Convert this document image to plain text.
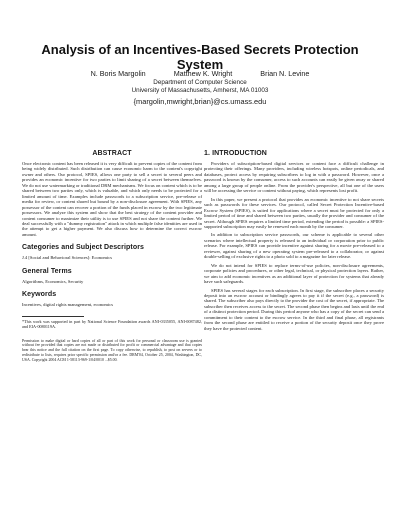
Analysis of an Incentives-Based Secrets Protection System
N. Boris Margolin	Matthew K. Wright	Brian N. Levine
Department of Computer Science
University of Massachusetts, Amherst, MA 01003
{margolin,mwright,brian}@cs.umass.edu
ABSTRACT

Once electronic content has been released it is very difficult to prevent copies of the content from being widely distributed. Such distribution can cause economic harm to the content's copyright owner and others. Our protocol, SPIES, allows one party to sell a secret to several peers and provides an economic incentive for two parties to limit sharing of a secret between themselves. We do not use watermarking or traditional DRM mechanisms. We focus on content which is to be shared between two parties only, which is valuable, and which only needs to be protected for a limited amount of time. Examples include passwords to a subscription service, pre-release of media for review, or content shared but bound by a non-disclosure agreement. With SPIES, any possessor of the content can recover a portion of the funds placed in escrow by the two legitimate possessors. We analyze this system and show that the best strategy of the content provider and content consumer to maximize their utility is to use SPIES and not share the content further. We deal successfully with a "dummy registration" attack in which multiple false identities are used in the attempt to get a higher payment. We also discuss how to determine the correct escrow amount.

Categories and Subject Descriptors

J.4 [Social and Behavioral Sciences]: Economics

General Terms

Algorithms, Economics, Security

Keywords

Incentives, digital rights management, economics

*This work was supported in part by National Science Foundation awards ANI-0335055, ANI-0087482, and EIA-0080119A.

Permission to make digital or hard copies of all or part of this work for personal or classroom use is granted without fee provided that copies are not made or distributed for profit or commercial advantage and that copies bear this notice and the full citation on the first page. To copy otherwise, to republish, to post on servers or to redistribute to lists, requires prior specific permission and/or a fee. DRM'04, October 25, 2004, Washington, DC, USA. Copyright 2004 ACM 1-58113-969-1/04/0010 ...$5.00.

1. INTRODUCTION

Providers of subscription-based digital services or content face a difficult challenge in protecting their offerings. Many providers, including wireless hotspots, online periodicals, and databases, protect access by requiring subscribers to log in with a password. However, once a password is known by the consumer, access to such accounts can easily be given away or shared among a large group of people online. From the provider's perspective, all but one of the users will be accessing the service or content without paying, which represents lost profit.

In this paper, we present a protocol that provides an economic incentive to not share secrets such as passwords for these services. Our protocol, called Secret Protection Incentive-based Escrow System (SPIES), is suited for applications where a secret must be protected for only a limited period of time and shared between two parties, usually the provider and consumer of the secret. Although SPIES requires a limited time period, extending the period is possible: a SPIES-supported subscription may easily be renewed each month by the consumer.

In addition to subscription service passwords, our scheme is applicable to several other scenarios where intellectual property is released to an individual or corporation prior to public release. For example, SPIES can provide incentive against sharing for a movie pre-released to a reviewer, against sharing of a new operating system pre-released to a collaborator, or against double-selling of exclusive rights to a photo sold to a magazine for later release.

We do not intend for SPIES to replace terms-of-use policies, non-disclosure agreements, corporate policies and procedures, or other legal, technical, or physical protection layers. Rather, we aim to add economic incentives as an additional layer of protection for systems that already have such safeguards.

SPIES has several stages for each subscription. In first stage, the subscriber places a security deposit into an escrow account or bindingly agrees to pay it if the secret (e.g., a password) is shared. The subscriber also pays directly to the provider the cost of the secret, if appropriate. The subscriber then receives access to the secret. The second phase then begins and lasts until the end of a distinct protection period. During this period anyone who has a copy of the secret can send a commitment to their content to the escrow service. In the third and final phase, all registrants from the second phase are entitled to receive a portion of the security deposit once they prove they have the protected content.
